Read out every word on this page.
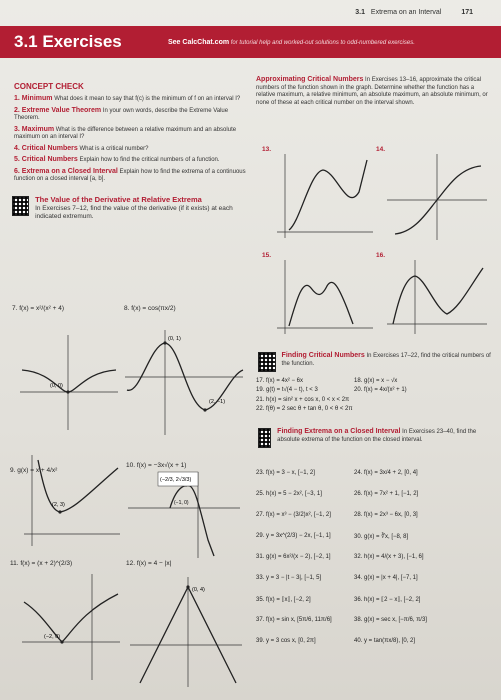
3.1 Extrema on an Interval	171
3.1 Exercises	See CalcChat.com for tutorial help and worked-out solutions to odd-numbered exercises.
CONCEPT CHECK
1. Minimum What does it mean to say that f(c) is the minimum of f on an interval I?
2. Extreme Value Theorem In your own words, describe the Extreme Value Theorem.
3. Maximum What is the difference between a relative maximum and an absolute maximum on an interval I?
4. Critical Numbers What is a critical number?
5. Critical Numbers Explain how to find the critical numbers of a function.
6. Extrema on a Closed Interval Explain how to find the extrema of a continuous function on a closed interval [a, b].
The Value of the Derivative at Relative Extrema
In Exercises 7–12, find the value of the derivative (if it exists) at each indicated extremum.
7. f(x) = x²/(x² + 4)	8. f(x) = cos(πx/2)
(0, 0)
(0, 1)
(2, −1)
9. g(x) = x + 4/x²
10. f(x) = −3x√(x + 1)
(2, 3)
(−2/3, 2√3/3)
(−1, 0)
11. f(x) = (x + 2)^(2/3)	12. f(x) = 4 − |x|
(−2, 0)
(0, 4)
Approximating Critical Numbers In Exercises 13–16, approximate the critical numbers of the function shown in the graph. Determine whether the function has a relative maximum, a relative minimum, an absolute maximum, an absolute minimum, or none of these at each critical number on the interval shown.
13.	14.
15.	16.
Finding Critical Numbers In Exercises 17–22, find the critical numbers of the function.
17. f(x) = 4x² − 6x	18. g(x) = x − √x
19. g(t) = t√(4 − t), t < 3	20. f(x) = 4x/(x² + 1)
21. h(x) = sin² x + cos x, 0 < x < 2π
22. f(θ) = 2 sec θ + tan θ, 0 < θ < 2π
Finding Extrema on a Closed Interval In Exercises 23–40, find the absolute extrema of the function on the closed interval.
23. f(x) = 3 − x, [−1, 2]	24. f(x) = 3x/4 + 2, [0, 4]
25. h(x) = 5 − 2x², [−3, 1]	26. f(x) = 7x² + 1, [−1, 2]
27. f(x) = x³ − (3/2)x², [−1, 2]	28. f(x) = 2x³ − 6x, [0, 3]
29. y = 3x^(2/3) − 2x, [−1, 1]	30. g(x) = ∛x, [−8, 8]
31. g(x) = 6x²/(x − 2), [−2, 1]	32. h(x) = 4/(x + 3), [−1, 6]
33. y = 3 − |t − 3|, [−1, 5]	34. g(x) = |x + 4|, [−7, 1]
35. f(x) = ⟦x⟧, [−2, 2]	36. h(x) = ⟦2 − x⟧, [−2, 2]
37. f(x) = sin x, [5π/6, 11π/6]	38. g(x) = sec x, [−π/6, π/3]
39. y = 3 cos x, [0, 2π]	40. y = tan(πx/8), [0, 2]
